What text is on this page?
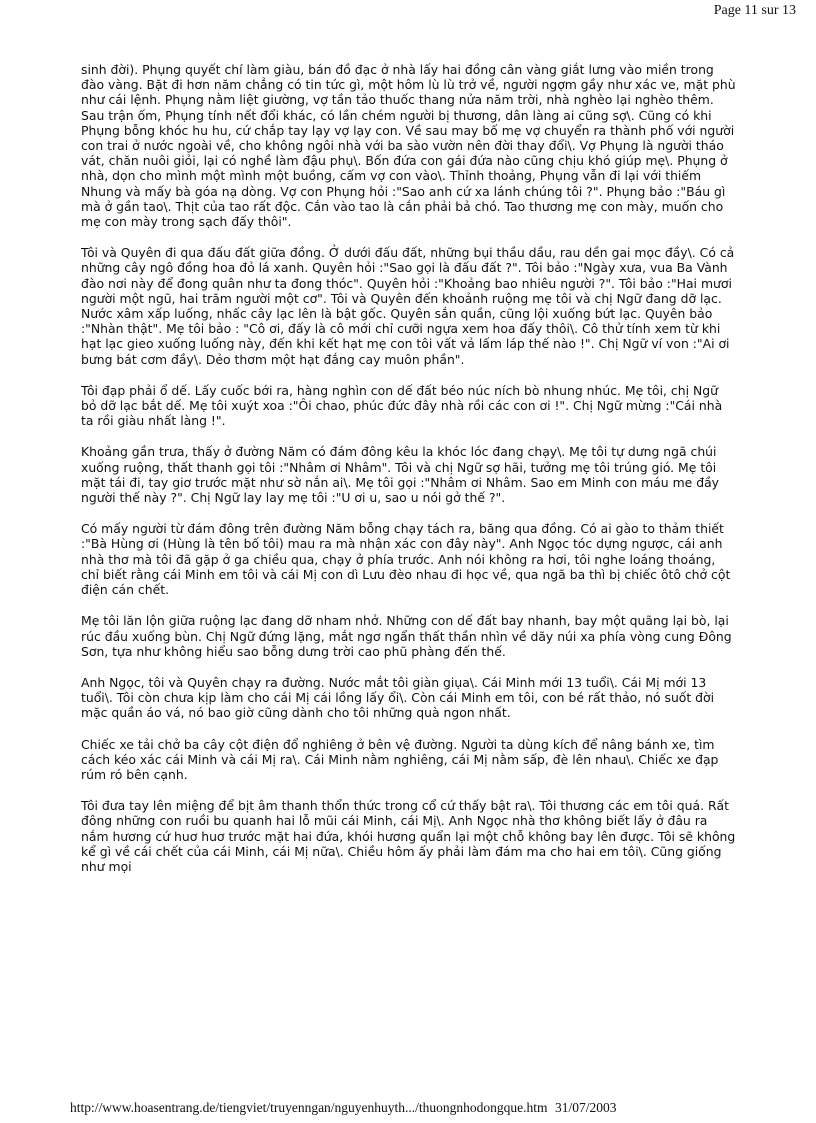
Page 11 sur 13

sinh đời). Phụng quyết chí làm giàu, bán đồ đạc ở nhà lấy hai đồng cân vàng giắt lưng vào miền trong đào vàng. Bặt đi hơn năm chẳng có tin tức gì, một hôm lù lù trở về, người ngợm gầy như xác ve, mặt phù như cái lệnh. Phụng nằm liệt giường, vợ tần tảo thuốc thang nửa năm trời, nhà nghèo lại nghèo thêm. Sau trận ốm, Phụng tính nết đổi khác, có lần chém người bị thương, dân làng ai cũng sợ\. Cũng có khi Phụng bỗng khóc hu hu, cứ chắp tay lạy vợ lạy con. Về sau may bố mẹ vợ chuyển ra thành phố với người con trai ở nước ngoài về, cho không ngôi nhà với ba sào vườn nên đời thay đổi\. Vợ Phụng là người tháo vát, chăn nuôi giỏi, lại có nghề làm đậu phụ\. Bốn đứa con gái đứa nào cũng chịu khó giúp mẹ\. Phụng ở nhà, dọn cho mình một mình một buồng, cấm vợ con vào\. Thỉnh thoảng, Phụng vẫn đi lại với thiếm Nhung và mấy bà góa nạ dòng. Vợ con Phụng hỏi :"Sao anh cứ xa lánh chúng tôi ?". Phụng bảo :"Báu gì mà ở gần tao\. Thịt của tao rất độc. Cắn vào tao là cắn phải bả chó. Tao thương mẹ con mày, muốn cho mẹ con mày trong sạch đấy thôi".

Tôi và Quyên đi qua đấu đất giữa đồng. Ở dưới đấu đất, những bụi thầu dầu, rau dền gai mọc đầy\. Có cả những cây ngô đồng hoa đỏ lá xanh. Quyên hỏi :"Sao gọi là đấu đất ?". Tôi bảo :"Ngày xưa, vua Ba Vành đào nơi này để đong quân như ta đong thóc". Quyên hỏi :"Khoảng bao nhiêu người ?". Tôi bảo :"Hai mươi người một ngũ, hai trăm người một cơ". Tôi và Quyên đến khoảnh ruộng mẹ tôi và chị Ngữ đang dỡ lạc. Nước xâm xấp luống, nhấc cây lạc lên là bật gốc. Quyên sắn quần, cũng lội xuống bứt lạc. Quyên bảo :"Nhàn thật". Mẹ tôi bảo : "Cô ơi, đấy là cô mới chỉ cưỡi ngựa xem hoa đấy thôi\. Cô thử tính xem từ khi hạt lạc gieo xuống luống này, đến khi kết hạt mẹ con tôi vất vả lấm láp thế nào !". Chị Ngữ ví von :"Ai ơi bưng bát cơm đầy\. Dẻo thơm một hạt đắng cay muôn phần".

Tôi đạp phải ổ dế. Lấy cuốc bới ra, hàng nghìn con dế đất béo núc ních bò nhung nhúc. Mẹ tôi, chị Ngữ bỏ dỡ lạc bắt dế. Mẹ tôi xuýt xoa :"Ôi chao, phúc đức đây nhà rồi các con ơi !". Chị Ngữ mừng :"Cái nhà ta rồi giàu nhất làng !".

Khoảng gần trưa, thấy ở đường Năm có đám đông kêu la khóc lóc đang chạy\. Mẹ tôi tự dưng ngã chúi xuống ruộng, thất thanh gọi tôi :"Nhâm ơi Nhâm". Tôi và chị Ngữ sợ hãi, tưởng mẹ tôi trúng gió. Mẹ tôi mặt tái đi, tay giơ trước mặt như sờ nắn ai\. Mẹ tôi gọi :"Nhâm ơi Nhâm. Sao em Minh con máu me đầy người thế này ?". Chị Ngữ lay lay mẹ tôi :"U ơi u, sao u nói gở thế ?".

Có mấy người từ đám đông trên đường Năm bỗng chạy tách ra, băng qua đồng. Có ai gào to thảm thiết :"Bà Hùng ơi (Hùng là tên bố tôi) mau ra mà nhận xác con đây này". Anh Ngọc tóc dựng ngược, cái anh nhà thơ mà tôi đã gặp ở ga chiều qua, chạy ở phía trước. Anh nói không ra hơi, tôi nghe loáng thoáng, chỉ biết rằng cái Minh em tôi và cái Mị con dì Lưu đèo nhau đi học về, qua ngã ba thì bị chiếc ôtô chở cột điện cán chết.

Mẹ tôi lăn lộn giữa ruộng lạc đang dỡ nham nhở. Những con dế đất bay nhanh, bay một quãng lại bò, lại rúc đầu xuống bùn. Chị Ngữ đứng lặng, mắt ngơ ngẩn thất thần nhìn về dãy núi xa phía vòng cung Đông Sơn, tựa như không hiểu sao bỗng dưng trời cao phũ phàng đến thế.

Anh Ngọc, tôi và Quyên chạy ra đường. Nước mắt tôi giàn giụa\. Cái Minh mới 13 tuổi\. Cái Mị mới 13 tuổi\. Tôi còn chưa kịp làm cho cái Mị cái lồng lấy ổi\. Còn cái Minh em tôi, con bé rất thảo, nó suốt đời mặc quần áo vá, nó bao giờ cũng dành cho tôi những quà ngon nhất.

Chiếc xe tải chở ba cây cột điện đổ nghiêng ở bên vệ đường. Người ta dùng kích để nâng bánh xe, tìm cách kéo xác cái Minh và cái Mị ra\. Cái Minh nằm nghiêng, cái Mị nằm sấp, đè lên nhau\. Chiếc xe đạp rúm ró bên cạnh.

Tôi đưa tay lên miệng để bịt âm thanh thổn thức trong cổ cứ thấy bật ra\. Tôi thương các em tôi quá. Rất đông những con ruồi bu quanh hai lỗ mũi cái Minh, cái Mị\. Anh Ngọc nhà thơ không biết lấy ở đâu ra nắm hương cứ huơ huơ trước mặt hai đứa, khói hương quẩn lại một chỗ không bay lên được. Tôi sẽ không kể gì về cái chết của cái Minh, cái Mị nữa\. Chiều hôm ấy phải làm đám ma cho hai em tôi\. Cũng giống như mọi

http://www.hoasentrang.de/tiengviet/truyenngan/nguyenhuyth.../thuongnhodongque.htm 31/07/2003
